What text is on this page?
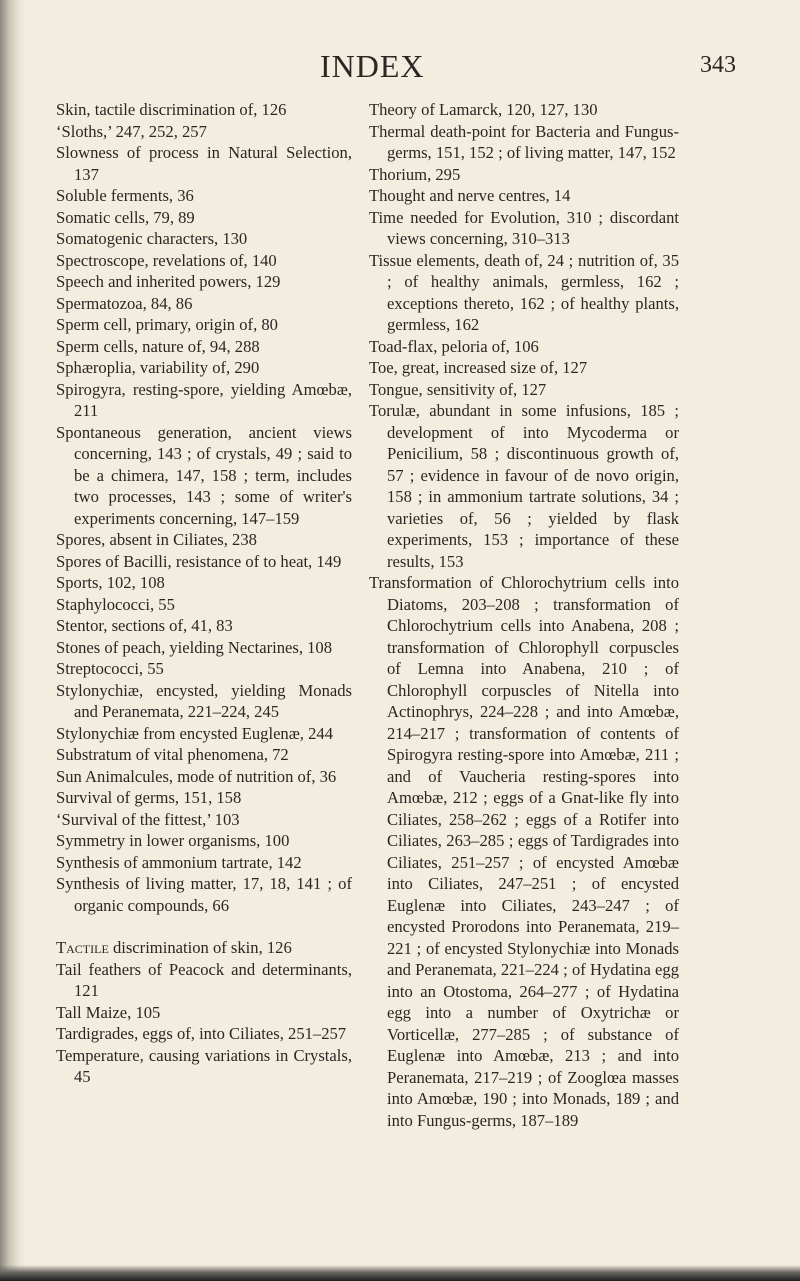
INDEX	343

Skin, tactile discrimination of, 126

‘Sloths,’ 247, 252, 257

Slowness of process in Natural Selection, 137

Soluble ferments, 36

Somatic cells, 79, 89

Somatogenic characters, 130

Spectroscope, revelations of, 140

Speech and inherited powers, 129

Spermatozoa, 84, 86

Sperm cell, primary, origin of, 80

Sperm cells, nature of, 94, 288

Sphæroplia, variability of, 290

Spirogyra, resting-spore, yielding Amœbæ, 211

Spontaneous generation, ancient views concerning, 143 ; of crystals, 49 ; said to be a chimera, 147, 158 ; term, includes two processes, 143 ; some of writer's experiments concerning, 147–159

Spores, absent in Ciliates, 238

Spores of Bacilli, resistance of to heat, 149

Sports, 102, 108

Staphylococci, 55

Stentor, sections of, 41, 83

Stones of peach, yielding Nectarines, 108

Streptococci, 55

Stylonychiæ, encysted, yielding Monads and Peranemata, 221–224, 245

Stylonychiæ from encysted Euglenæ, 244

Substratum of vital phenomena, 72

Sun Animalcules, mode of nutrition of, 36

Survival of germs, 151, 158

‘Survival of the fittest,’ 103

Symmetry in lower organisms, 100

Synthesis of ammonium tartrate, 142

Synthesis of living matter, 17, 18, 141 ; of organic compounds, 66

Tactile discrimination of skin, 126

Tail feathers of Peacock and determinants, 121

Tall Maize, 105

Tardigrades, eggs of, into Ciliates, 251–257

Temperature, causing variations in Crystals, 45

Theory of Lamarck, 120, 127, 130

Thermal death-point for Bacteria and Fungus-germs, 151, 152 ; of living matter, 147, 152

Thorium, 295

Thought and nerve centres, 14

Time needed for Evolution, 310 ; discordant views concerning, 310–313

Tissue elements, death of, 24 ; nutrition of, 35 ; of healthy animals, germless, 162 ; exceptions thereto, 162 ; of healthy plants, germless, 162

Toad-flax, peloria of, 106

Toe, great, increased size of, 127

Tongue, sensitivity of, 127

Torulæ, abundant in some infusions, 185 ; development of into Mycoderma or Penicilium, 58 ; discontinuous growth of, 57 ; evidence in favour of de novo origin, 158 ; in ammonium tartrate solutions, 34 ; varieties of, 56 ; yielded by flask experiments, 153 ; importance of these results, 153

Transformation of Chlorochytrium cells into Diatoms, 203–208 ; transformation of Chlorochytrium cells into Anabena, 208 ; transformation of Chlorophyll corpuscles of Lemna into Anabena, 210 ; of Chlorophyll corpuscles of Nitella into Actinophrys, 224–228 ; and into Amœbæ, 214–217 ; transformation of contents of Spirogyra resting-spore into Amœbæ, 211 ; and of Vaucheria resting-spores into Amœbæ, 212 ; eggs of a Gnat-like fly into Ciliates, 258–262 ; eggs of a Rotifer into Ciliates, 263–285 ; eggs of Tardigrades into Ciliates, 251–257 ; of encysted Amœbæ into Ciliates, 247–251 ; of encysted Euglenæ into Ciliates, 243–247 ; of encysted Prorodons into Peranemata, 219–221 ; of encysted Stylonychiæ into Monads and Peranemata, 221–224 ; of Hydatina egg into an Otostoma, 264–277 ; of Hydatina egg into a number of Oxytrichæ or Vorticellæ, 277–285 ; of substance of Euglenæ into Amœbæ, 213 ; and into Peranemata, 217–219 ; of Zooglœa masses into Amœbæ, 190 ; into Monads, 189 ; and into Fungus-germs, 187–189
